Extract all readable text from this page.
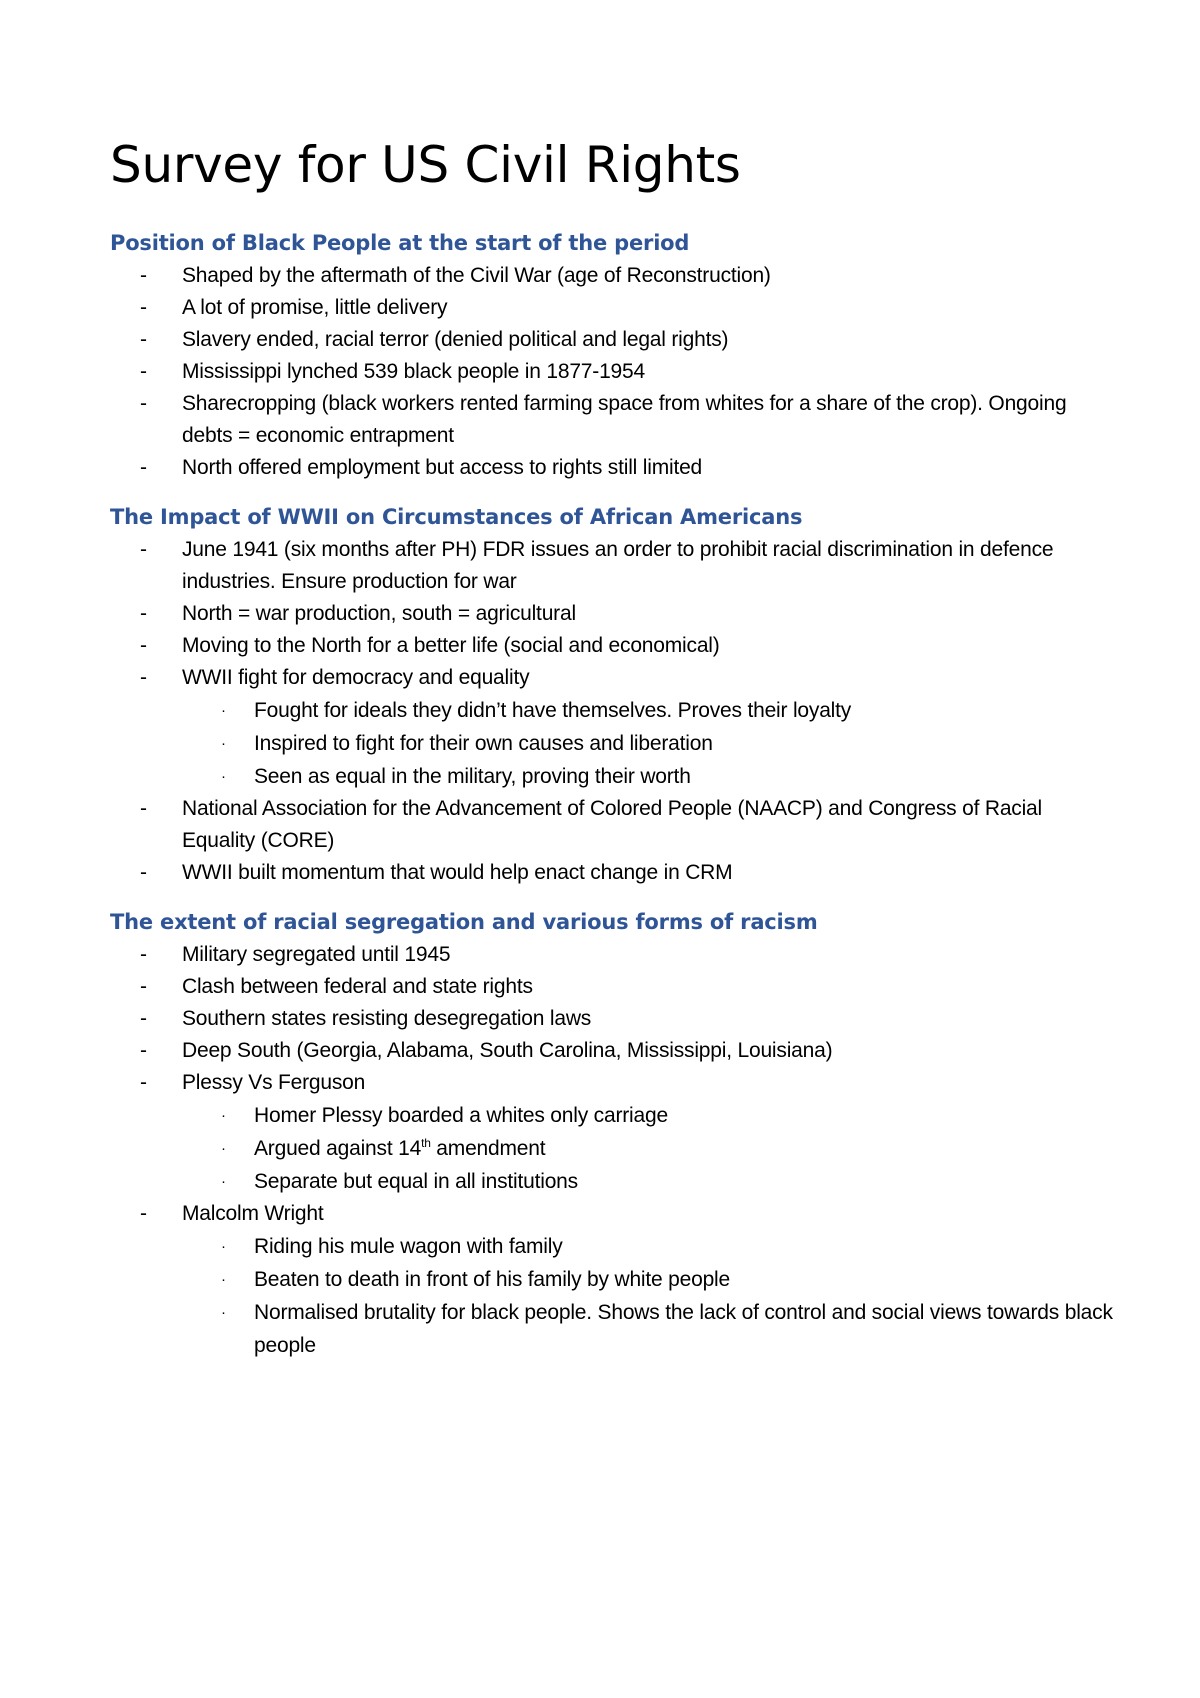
Survey for US Civil Rights
Position of Black People at the start of the period
- Shaped by the aftermath of the Civil War (age of Reconstruction)
- A lot of promise, little delivery
- Slavery ended, racial terror (denied political and legal rights)
- Mississippi lynched 539 black people in 1877-1954
- Sharecropping (black workers rented farming space from whites for a share of the crop). Ongoing debts = economic entrapment
- North offered employment but access to rights still limited
The Impact of WWII on Circumstances of African Americans
- June 1941 (six months after PH) FDR issues an order to prohibit racial discrimination in defence industries. Ensure production for war
- North = war production, south = agricultural
- Moving to the North for a better life (social and economical)
- WWII fight for democracy and equality
· Fought for ideals they didn’t have themselves. Proves their loyalty
· Inspired to fight for their own causes and liberation
· Seen as equal in the military, proving their worth
- National Association for the Advancement of Colored People (NAACP) and Congress of Racial Equality (CORE)
- WWII built momentum that would help enact change in CRM
The extent of racial segregation and various forms of racism
- Military segregated until 1945
- Clash between federal and state rights
- Southern states resisting desegregation laws
- Deep South (Georgia, Alabama, South Carolina, Mississippi, Louisiana)
- Plessy Vs Ferguson
· Homer Plessy boarded a whites only carriage
· Argued against 14th amendment
· Separate but equal in all institutions
- Malcolm Wright
· Riding his mule wagon with family
· Beaten to death in front of his family by white people
· Normalised brutality for black people. Shows the lack of control and social views towards black people
